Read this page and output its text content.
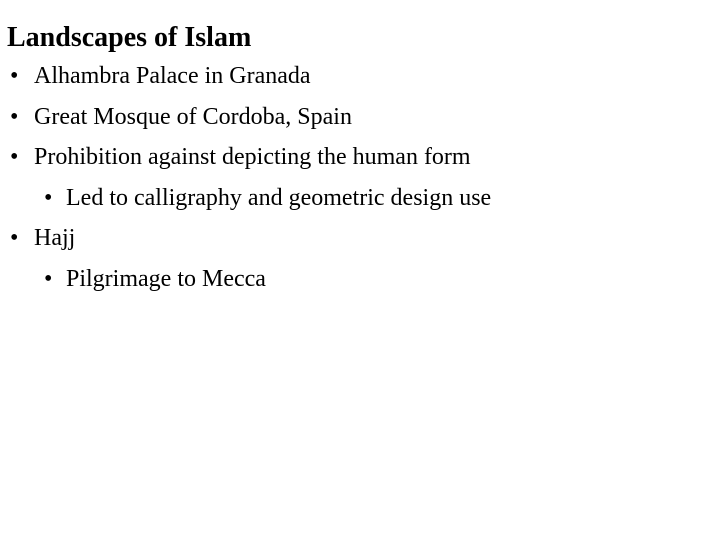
Landscapes of Islam
• Alhambra Palace in Granada
• Great Mosque of Cordoba, Spain
• Prohibition against depicting the human form
• Led to calligraphy and geometric design use
• Hajj
• Pilgrimage to Mecca
